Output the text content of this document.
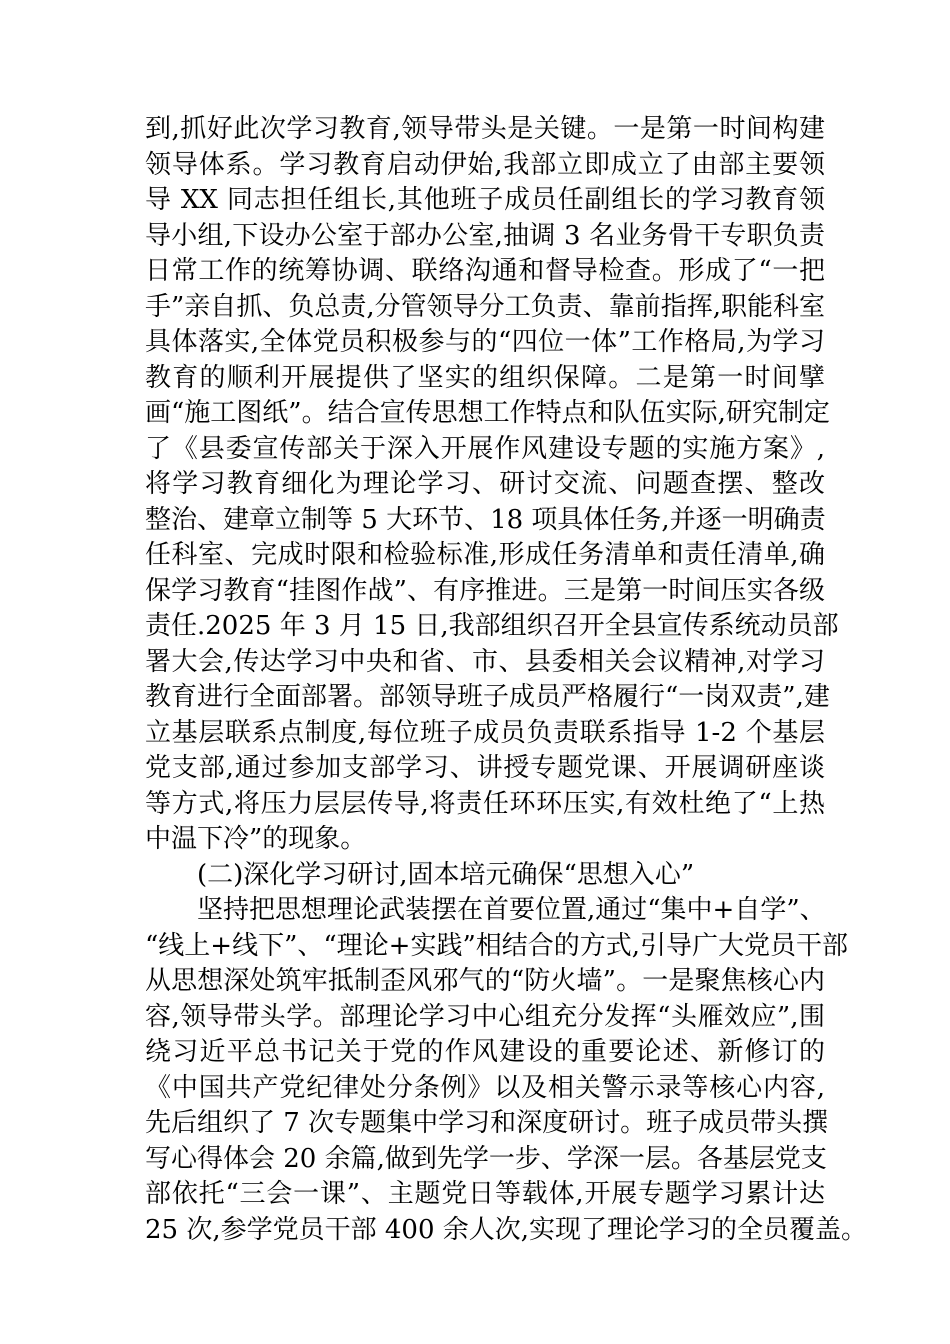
到,抓好此次学习教育,领导带头是关键。一是第一时间构建
领导体系。学习教育启动伊始,我部立即成立了由部主要领
导 XX 同志担任组长,其他班子成员任副组长的学习教育领
导小组,下设办公室于部办公室,抽调 3 名业务骨干专职负责
日常工作的统筹协调、联络沟通和督导检查。形成了“一把
手”亲自抓、负总责,分管领导分工负责、靠前指挥,职能科室
具体落实,全体党员积极参与的“四位一体”工作格局,为学习
教育的顺利开展提供了坚实的组织保障。二是第一时间擘
画“施工图纸”。结合宣传思想工作特点和队伍实际,研究制定
了《县委宣传部关于深入开展作风建设专题的实施方案》,
将学习教育细化为理论学习、研讨交流、问题查摆、整改
整治、建章立制等 5 大环节、18 项具体任务,并逐一明确责
任科室、完成时限和检验标准,形成任务清单和责任清单,确
保学习教育“挂图作战”、有序推进。三是第一时间压实各级
责任.2025 年 3 月 15 日,我部组织召开全县宣传系统动员部
署大会,传达学习中央和省、市、县委相关会议精神,对学习
教育进行全面部署。部领导班子成员严格履行“一岗双责”,建
立基层联系点制度,每位班子成员负责联系指导 1-2 个基层
党支部,通过参加支部学习、讲授专题党课、开展调研座谈
等方式,将压力层层传导,将责任环环压实,有效杜绝了“上热
中温下冷”的现象。
(二)深化学习研讨,固本培元确保“思想入心”
坚持把思想理论武装摆在首要位置,通过“集中+自学”、
“线上+线下”、“理论+实践”相结合的方式,引导广大党员干部
从思想深处筑牢抵制歪风邪气的“防火墙”。一是聚焦核心内
容,领导带头学。部理论学习中心组充分发挥“头雁效应”,围
绕习近平总书记关于党的作风建设的重要论述、新修订的
《中国共产党纪律处分条例》以及相关警示录等核心内容,
先后组织了 7 次专题集中学习和深度研讨。班子成员带头撰
写心得体会 20 余篇,做到先学一步、学深一层。各基层党支
部依托“三会一课”、主题党日等载体,开展专题学习累计达
25 次,参学党员干部 400 余人次,实现了理论学习的全员覆盖。
